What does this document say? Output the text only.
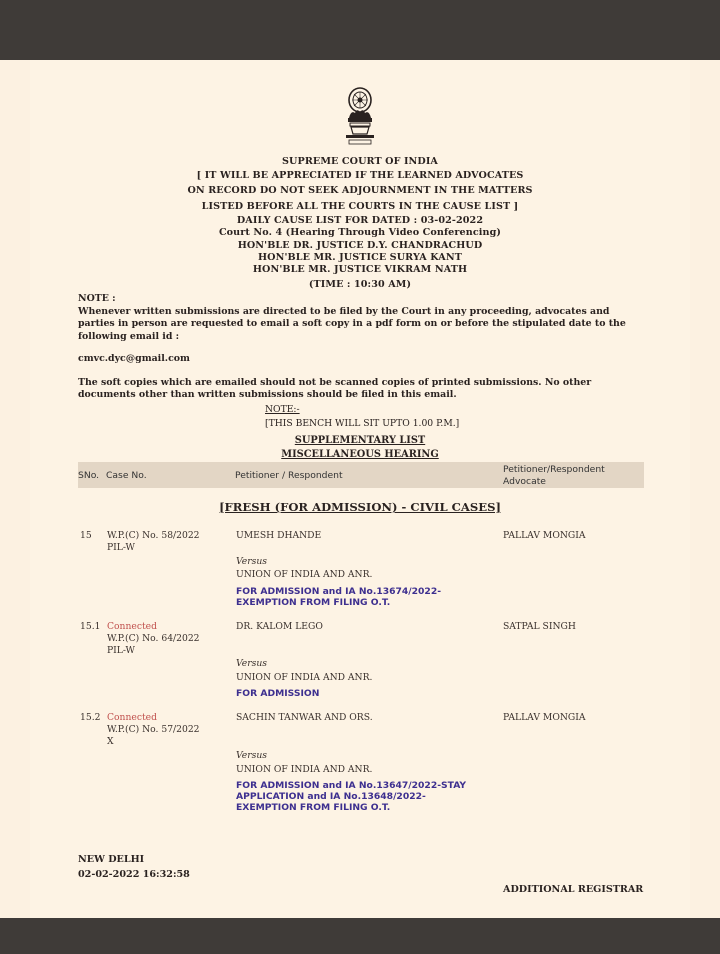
SUPREME COURT OF INDIA
[ IT WILL BE APPRECIATED IF THE LEARNED ADVOCATES
ON RECORD DO NOT SEEK ADJOURNMENT IN THE MATTERS
LISTED BEFORE ALL THE COURTS IN THE CAUSE LIST ]
DAILY CAUSE LIST FOR DATED : 03-02-2022
Court No. 4 (Hearing Through Video Conferencing)
HON'BLE DR. JUSTICE D.Y. CHANDRACHUD
HON'BLE MR. JUSTICE SURYA KANT
HON'BLE MR. JUSTICE VIKRAM NATH
(TIME : 10:30 AM)
NOTE :
Whenever written submissions are directed to be filed by the Court in any proceeding, advocates and parties in person are requested to email a soft copy in a pdf form on or before the stipulated date to the following email id :
cmvc.dyc@gmail.com
The soft copies which are emailed should not be scanned copies of printed submissions. No other documents other than written submissions should be filed in this email.
NOTE:-
[THIS BENCH WILL SIT UPTO 1.00 P.M.]
SUPPLEMENTARY LIST
MISCELLANEOUS HEARING
SNo. Case No.	Petitioner / Respondent
Petitioner/Respondent
Advocate
[FRESH (FOR ADMISSION) - CIVIL CASES]
15 W.P.(C) No. 58/2022
PIL-W
UMESH DHANDE
Versus
UNION OF INDIA AND ANR.
PALLAV MONGIA
FOR ADMISSION and IA No.13674/2022-
EXEMPTION FROM FILING O.T.
15.1 Connected
W.P.(C) No. 64/2022
PIL-W
DR. KALOM LEGO
Versus
UNION OF INDIA AND ANR.
SATPAL SINGH
FOR ADMISSION
15.2 Connected
W.P.(C) No. 57/2022
X
SACHIN TANWAR AND ORS.
Versus
UNION OF INDIA AND ANR.
PALLAV MONGIA
FOR ADMISSION and IA No.13647/2022-STAY
APPLICATION and IA No.13648/2022-
EXEMPTION FROM FILING O.T.
NEW DELHI
02-02-2022 16:32:58
ADDITIONAL REGISTRAR
